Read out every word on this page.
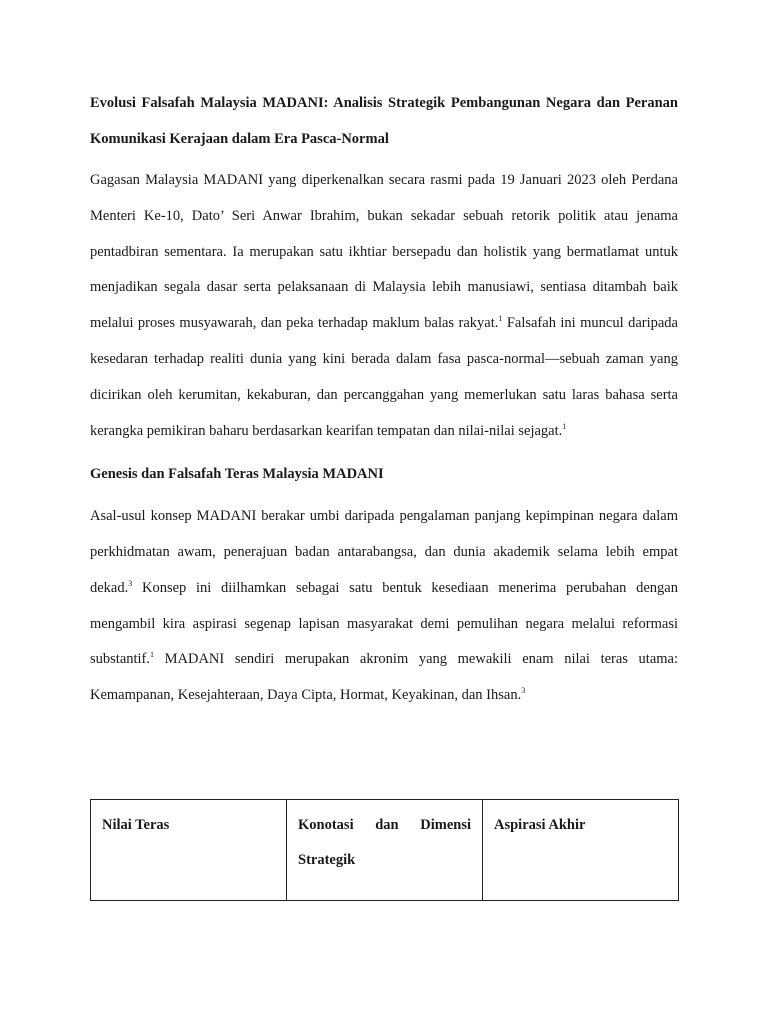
Evolusi Falsafah Malaysia MADANI: Analisis Strategik Pembangunan Negara dan Peranan Komunikasi Kerajaan dalam Era Pasca-Normal

Gagasan Malaysia MADANI yang diperkenalkan secara rasmi pada 19 Januari 2023 oleh Perdana Menteri Ke-10, Dato’ Seri Anwar Ibrahim, bukan sekadar sebuah retorik politik atau jenama pentadbiran sementara. Ia merupakan satu ikhtiar bersepadu dan holistik yang bermatlamat untuk menjadikan segala dasar serta pelaksanaan di Malaysia lebih manusiawi, sentiasa ditambah baik melalui proses musyawarah, dan peka terhadap maklum balas rakyat.$^1$ Falsafah ini muncul daripada kesedaran terhadap realiti dunia yang kini berada dalam fasa pasca-normal—sebuah zaman yang dicirikan oleh kerumitan, kekaburan, dan percanggahan yang memerlukan satu laras bahasa serta kerangka pemikiran baharu berdasarkan kearifan tempatan dan nilai-nilai sejagat.$^1$

Genesis dan Falsafah Teras Malaysia MADANI

Asal-usul konsep MADANI berakar umbi daripada pengalaman panjang kepimpinan negara dalam perkhidmatan awam, penerajuan badan antarabangsa, dan dunia akademik selama lebih empat dekad.$^3$ Konsep ini diilhamkan sebagai satu bentuk kesediaan menerima perubahan dengan mengambil kira aspirasi segenap lapisan masyarakat demi pemulihan negara melalui reformasi substantif.$^1$ MADANI sendiri merupakan akronim yang mewakili enam nilai teras utama: Kemampanan, Kesejahteraan, Daya Cipta, Hormat, Keyakinan, dan Ihsan.$^3$

Nilai Teras	Konotasi dan Dimensi Strategik	Aspirasi Akhir
